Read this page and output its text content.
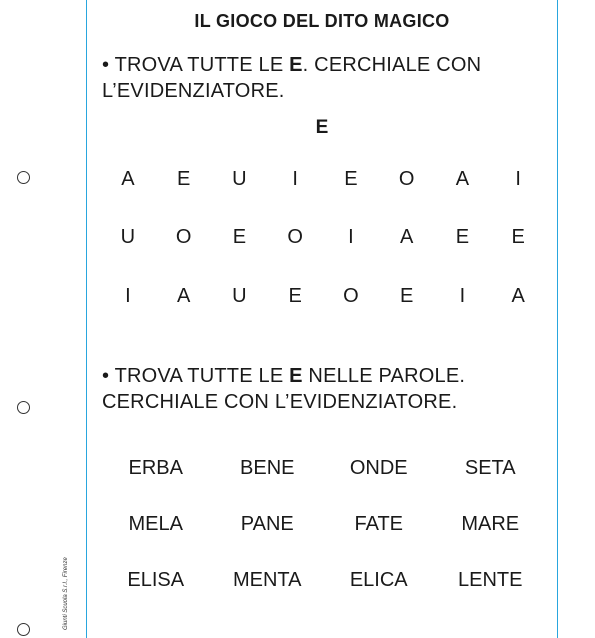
Giunti Scuola S.r.l., Firenze
IL GIOCO DEL DITO MAGICO
• TROVA TUTTE LE E. CERCHIALE CON L’EVIDENZIATORE.
E
A	E	U	I	E	O	A	I
U	O	E	O	I	A	E	E
I	A	U	E	O	E	I	A
• TROVA TUTTE LE E NELLE PAROLE. CERCHIALE CON L’EVIDENZIATORE.
ERBA	BENE	ONDE	SETA
MELA	PANE	FATE	MARE
ELISA	MENTA	ELICA	LENTE
